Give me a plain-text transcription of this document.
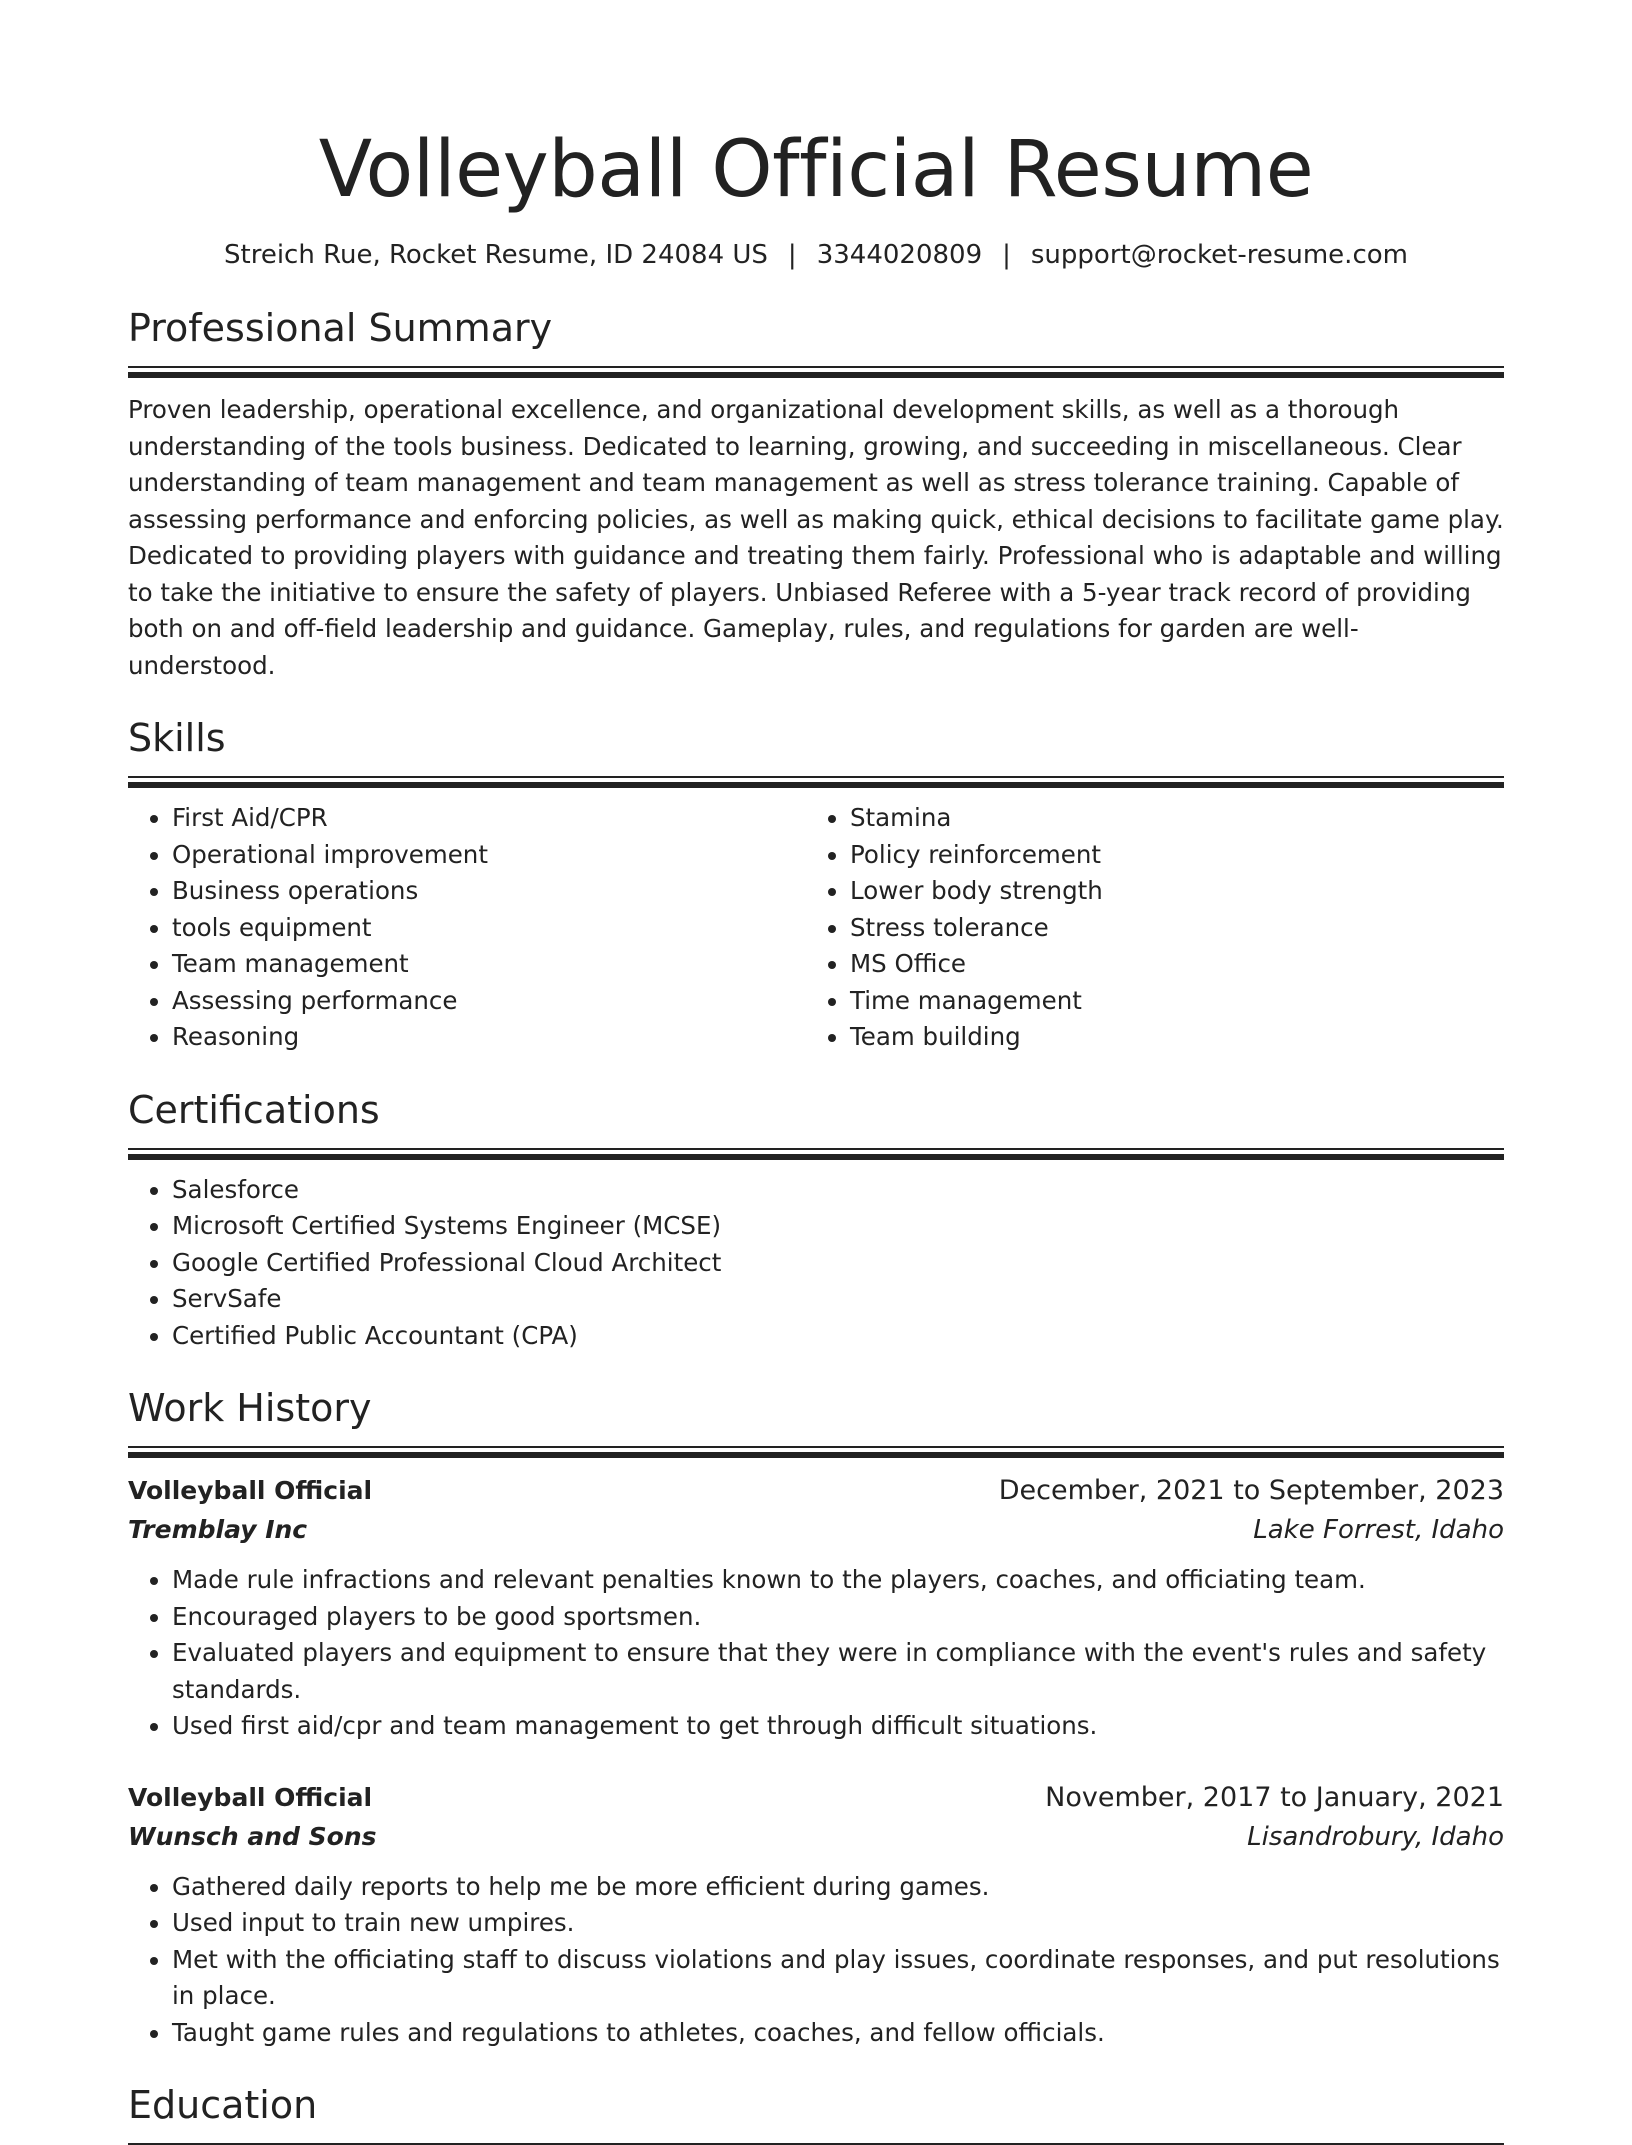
Volleyball Official Resume
Streich Rue, Rocket Resume, ID 24084 US | 3344020809 | support@rocket-resume.com
Professional Summary
Proven leadership, operational excellence, and organizational development skills, as well as a thorough understanding of the tools business. Dedicated to learning, growing, and succeeding in miscellaneous. Clear understanding of team management and team management as well as stress tolerance training. Capable of assessing performance and enforcing policies, as well as making quick, ethical decisions to facilitate game play. Dedicated to providing players with guidance and treating them fairly. Professional who is adaptable and willing to take the initiative to ensure the safety of players. Unbiased Referee with a 5-year track record of providing both on and off-field leadership and guidance. Gameplay, rules, and regulations for garden are well-understood.
Skills
• First Aid/CPR
• Operational improvement
• Business operations
• tools equipment
• Team management
• Assessing performance
• Reasoning
• Stamina
• Policy reinforcement
• Lower body strength
• Stress tolerance
• MS Office
• Time management
• Team building
Certifications
• Salesforce
• Microsoft Certified Systems Engineer (MCSE)
• Google Certified Professional Cloud Architect
• ServSafe
• Certified Public Accountant (CPA)
Work History
Volleyball Official	December, 2021 to September, 2023
Tremblay Inc	Lake Forrest, Idaho
• Made rule infractions and relevant penalties known to the players, coaches, and officiating team.
• Encouraged players to be good sportsmen.
• Evaluated players and equipment to ensure that they were in compliance with the event's rules and safety standards.
• Used first aid/cpr and team management to get through difficult situations.
Volleyball Official	November, 2017 to January, 2021
Wunsch and Sons	Lisandrobury, Idaho
• Gathered daily reports to help me be more efficient during games.
• Used input to train new umpires.
• Met with the officiating staff to discuss violations and play issues, coordinate responses, and put resolutions in place.
• Taught game rules and regulations to athletes, coaches, and fellow officials.
Education
